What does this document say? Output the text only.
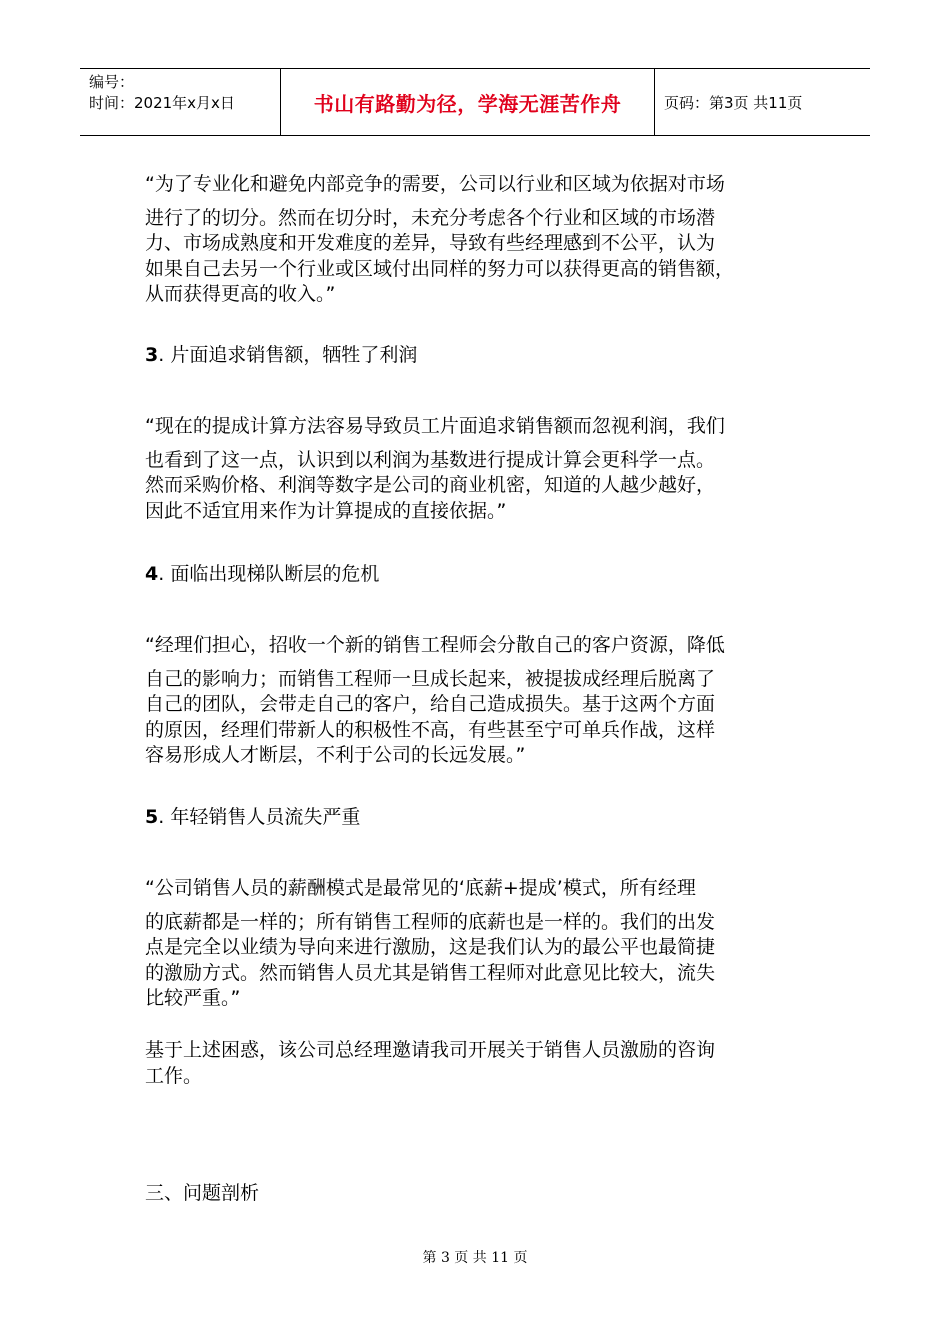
编号：
时间：2021年x月x日	书山有路勤为径，学海无涯苦作舟	页码：第3页 共11页
“为了专业化和避免内部竞争的需要，公司以行业和区域为依据对市场
进行了的切分。然而在切分时，未充分考虑各个行业和区域的市场潜
力、市场成熟度和开发难度的差异，导致有些经理感到不公平，认为
如果自己去另一个行业或区域付出同样的努力可以获得更高的销售额，
从而获得更高的收入。”
3. 片面追求销售额，牺牲了利润
“现在的提成计算方法容易导致员工片面追求销售额而忽视利润，我们
也看到了这一点，认识到以利润为基数进行提成计算会更科学一点。
然而采购价格、利润等数字是公司的商业机密，知道的人越少越好，
因此不适宜用来作为计算提成的直接依据。”
4. 面临出现梯队断层的危机
“经理们担心，招收一个新的销售工程师会分散自己的客户资源，降低
自己的影响力；而销售工程师一旦成长起来，被提拔成经理后脱离了
自己的团队，会带走自己的客户，给自己造成损失。基于这两个方面
的原因，经理们带新人的积极性不高，有些甚至宁可单兵作战，这样
容易形成人才断层，不利于公司的长远发展。”
5. 年轻销售人员流失严重
“公司销售人员的薪酬模式是最常见的‘底薪+提成’模式，所有经理
的底薪都是一样的；所有销售工程师的底薪也是一样的。我们的出发
点是完全以业绩为导向来进行激励，这是我们认为的最公平也最简捷
的激励方式。然而销售人员尤其是销售工程师对此意见比较大，流失
比较严重。”
基于上述困惑，该公司总经理邀请我司开展关于销售人员激励的咨询
工作。
三、问题剖析
第 3 页 共 11 页
